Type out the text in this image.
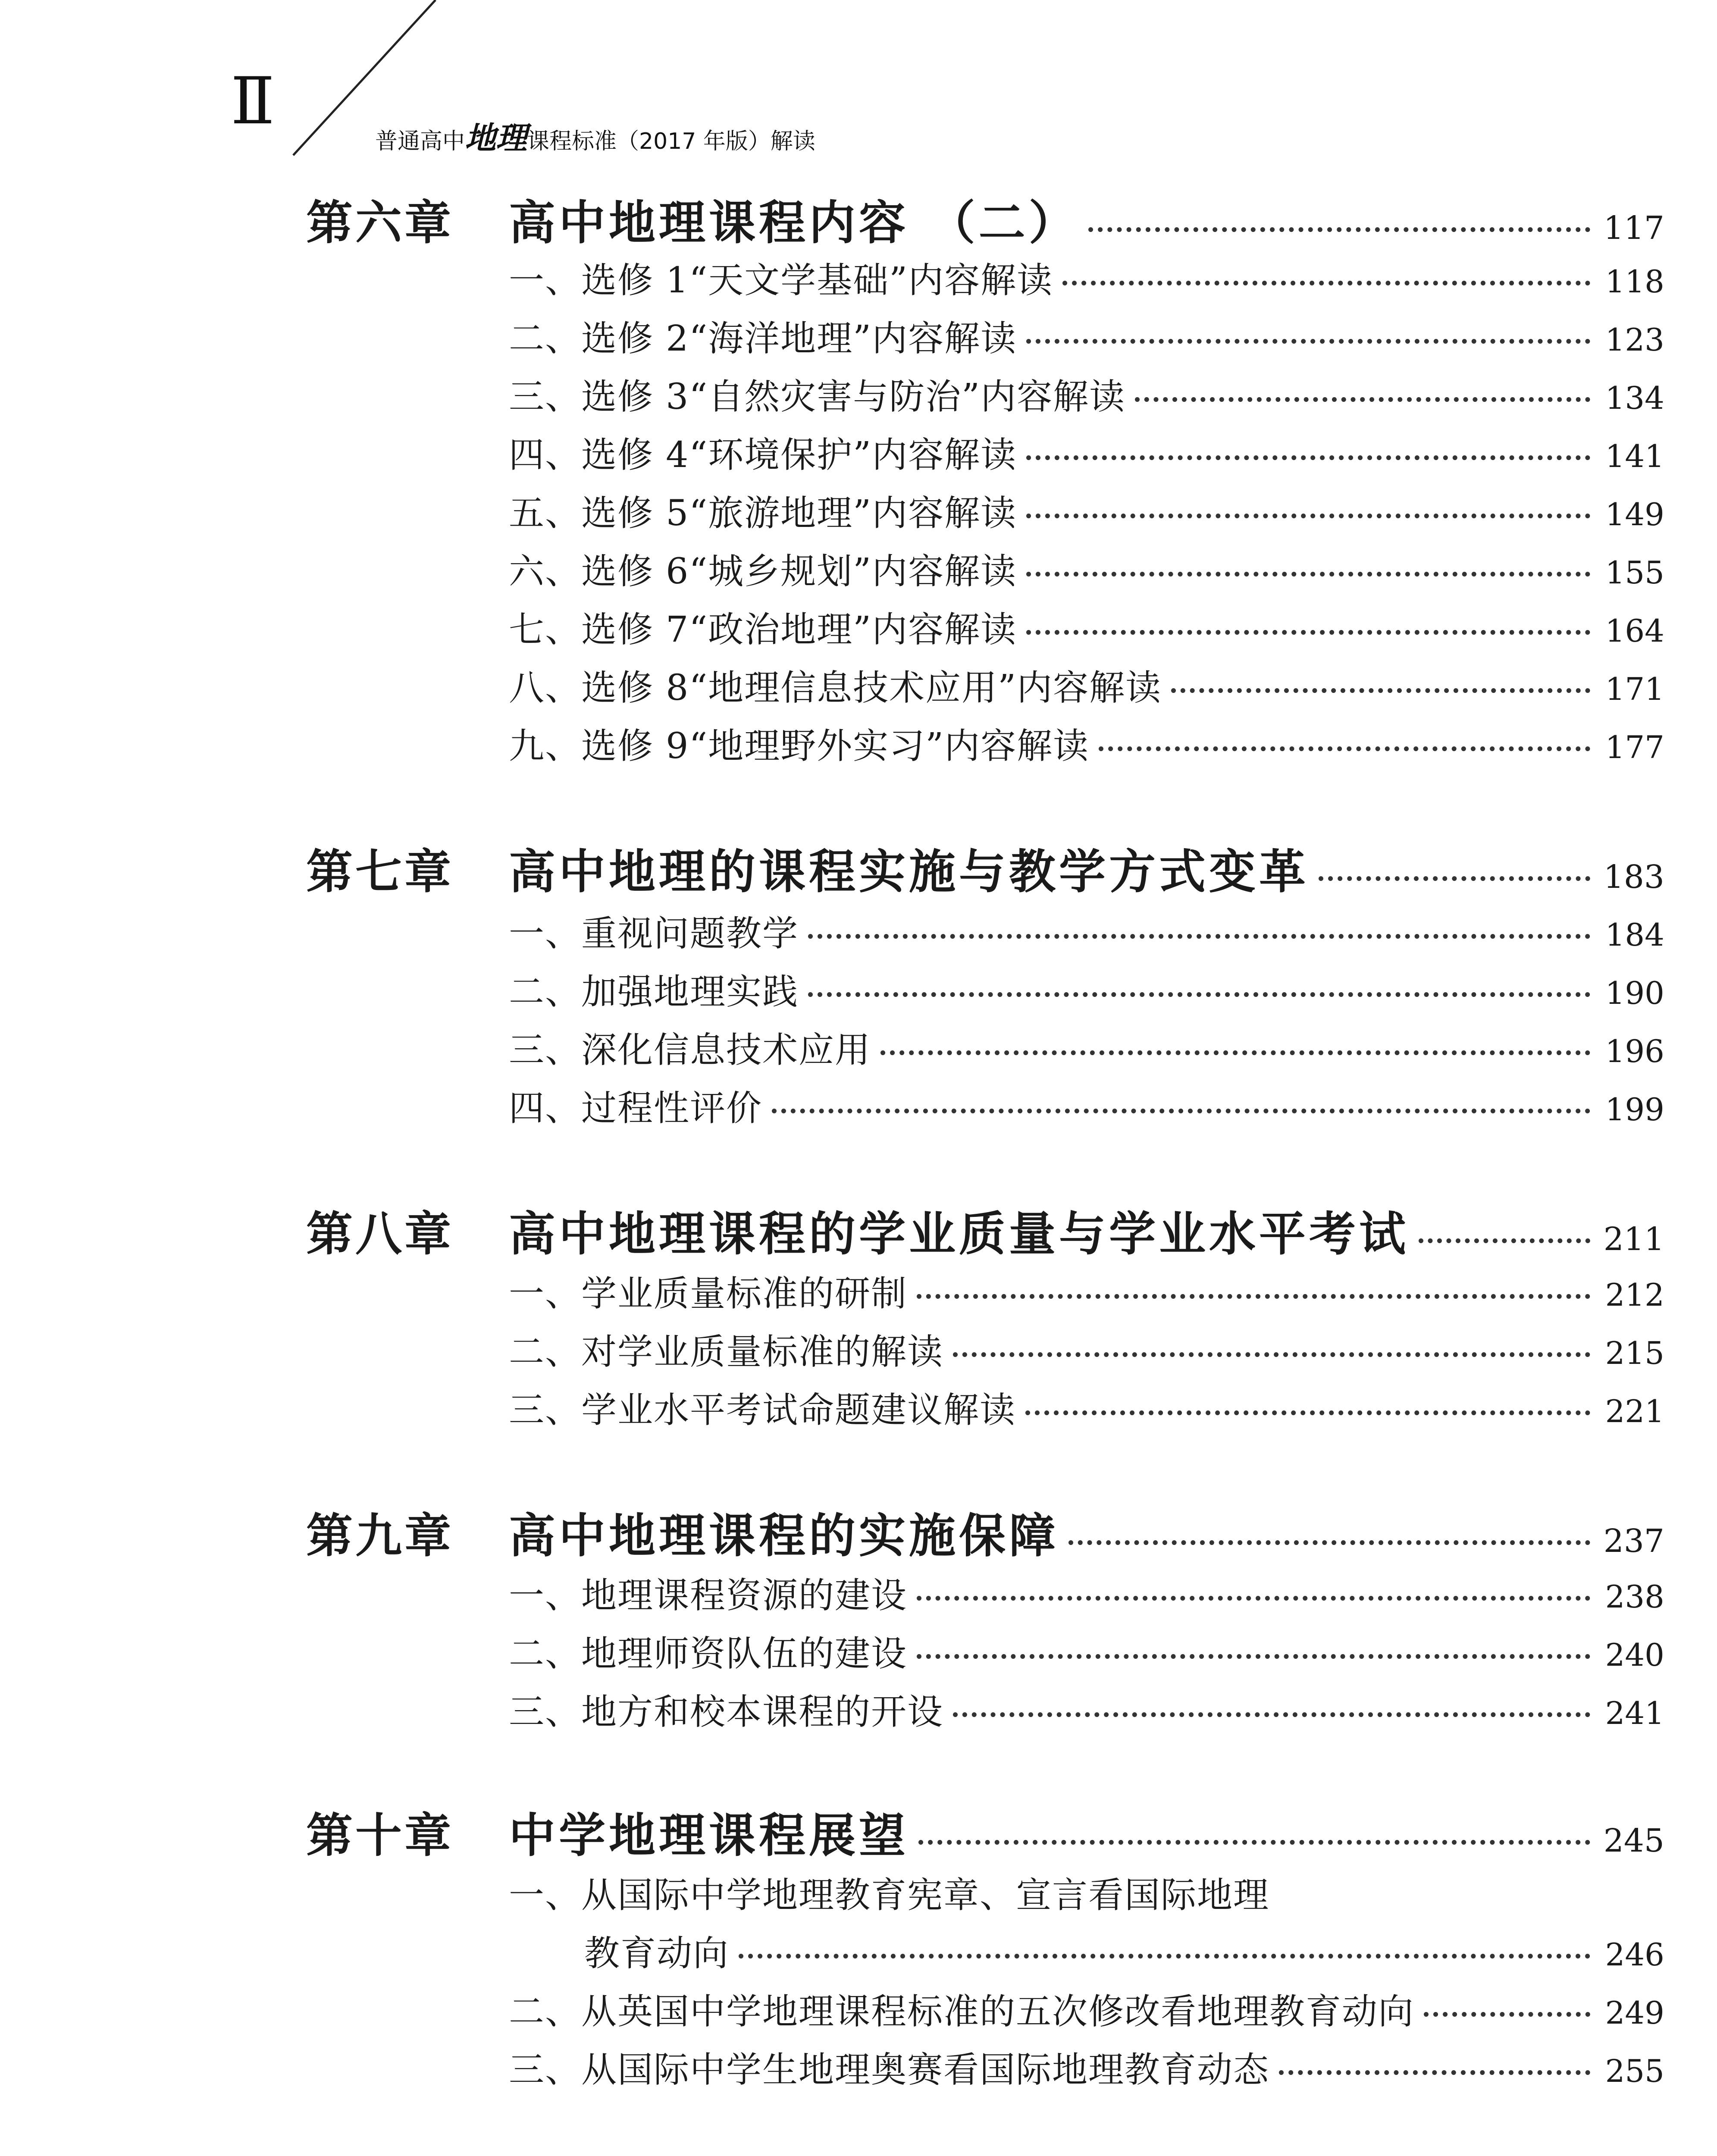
Ⅱ
普通高中地理课程标准（2017 年版）解读
第六章 高中地理课程内容 （二）	117
一、选修 1“天文学基础”内容解读	118
二、选修 2“海洋地理”内容解读	123
三、选修 3“自然灾害与防治”内容解读	134
四、选修 4“环境保护”内容解读	141
五、选修 5“旅游地理”内容解读	149
六、选修 6“城乡规划”内容解读	155
七、选修 7“政治地理”内容解读	164
八、选修 8“地理信息技术应用”内容解读	171
九、选修 9“地理野外实习”内容解读	177
第七章 高中地理的课程实施与教学方式变革	183
一、重视问题教学	184
二、加强地理实践	190
三、深化信息技术应用	196
四、过程性评价	199
第八章 高中地理课程的学业质量与学业水平考试	211
一、学业质量标准的研制	212
二、对学业质量标准的解读	215
三、学业水平考试命题建议解读	221
第九章 高中地理课程的实施保障	237
一、地理课程资源的建设	238
二、地理师资队伍的建设	240
三、地方和校本课程的开设	241
第十章 中学地理课程展望	245
一、从国际中学地理教育宪章、宣言看国际地理
教育动向	246
二、从英国中学地理课程标准的五次修改看地理教育动向	249
三、从国际中学生地理奥赛看国际地理教育动态	255
